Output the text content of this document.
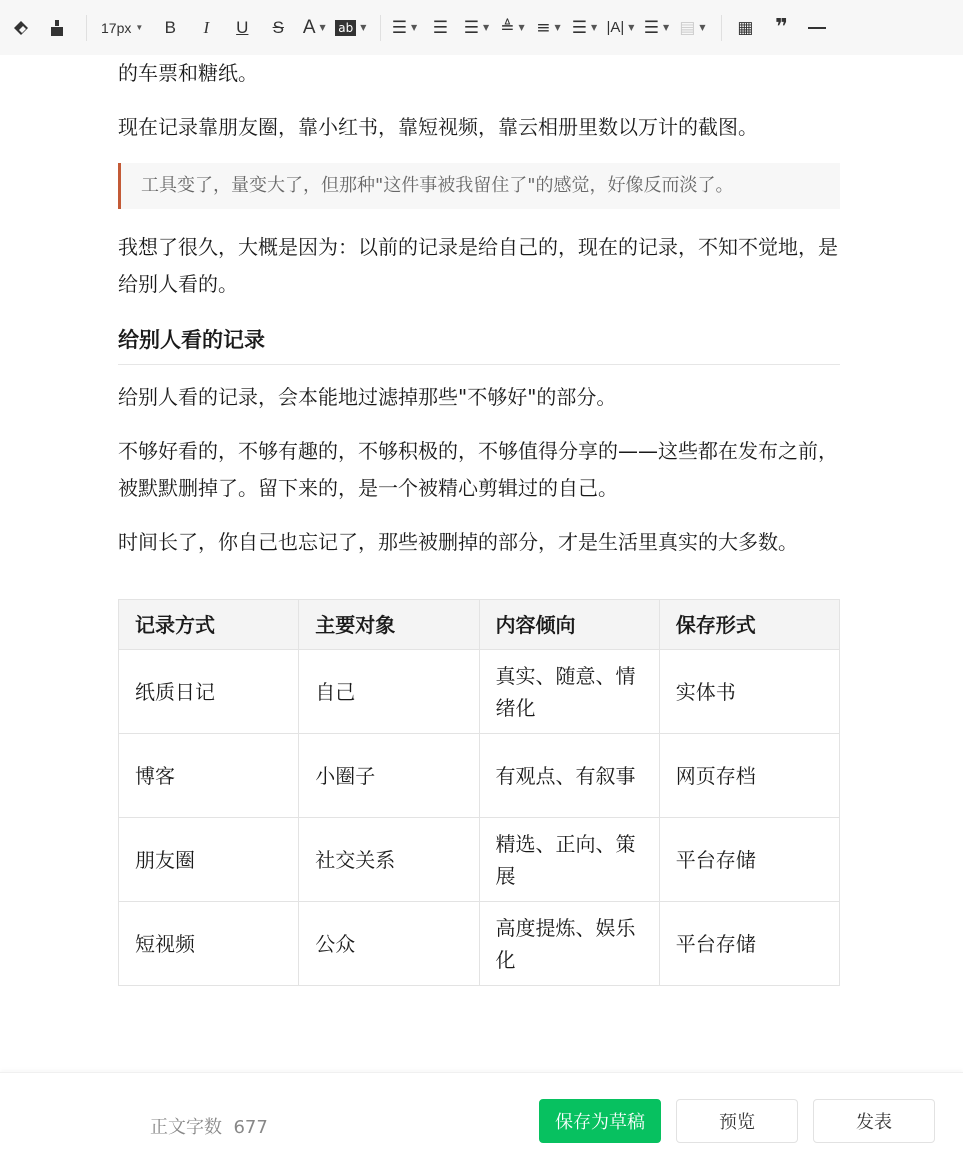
17px ▼ B I U S A ▼ ab ▼ ☰ ▼ ☰ ☰ ▼ ≜ ▼ ≡ ▼ ☰ ▼ |A| ▼ ☰ ▼ ▤ ▼ ▦ ❞
的车票和糖纸。
现在记录靠朋友圈，靠小红书，靠短视频，靠云相册里数以万计的截图。
工具变了，量变大了，但那种"这件事被我留住了"的感觉，好像反而淡了。
我想了很久，大概是因为：以前的记录是给自己的，现在的记录，不知不觉地，是给别人看的。
给别人看的记录
给别人看的记录，会本能地过滤掉那些"不够好"的部分。
不够好看的，不够有趣的，不够积极的，不够值得分享的——这些都在发布之前，被默默删掉了。留下来的，是一个被精心剪辑过的自己。
时间长了，你自己也忘记了，那些被删掉的部分，才是生活里真实的大多数。
记录方式	主要对象	内容倾向	保存形式
纸质日记	自己	真实、随意、情绪化	实体书
博客	小圈子	有观点、有叙事	网页存档
朋友圈	社交关系	精选、正向、策展	平台存储
短视频	公众	高度提炼、娱乐化	平台存储
正文字数 677	保存为草稿	预览	发表
